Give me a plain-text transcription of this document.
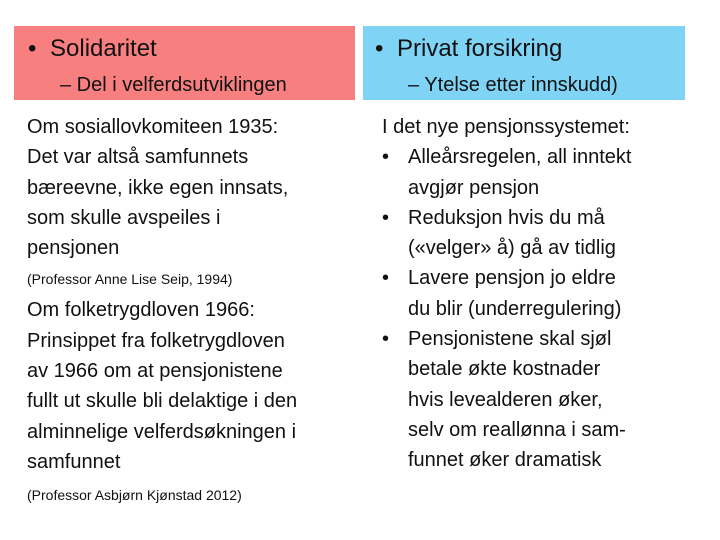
• Solidaritet
– Del i velferdsutviklingen
• Privat forsikring
– Ytelse etter innskudd)

Om sosiallovkomiteen 1935:

Det var altså samfunnets

bæreevne, ikke egen innsats,

som skulle avspeiles i

pensjonen

(Professor Anne Lise Seip, 1994)

Om folketrygdloven 1966:

Prinsippet fra folketrygdloven

av 1966 om at pensjonistene

fullt ut skulle bli delaktige i den

alminnelige velferdsøkningen i

samfunnet

(Professor Asbjørn Kjønstad 2012)

I det nye pensjonssystemet:

• Alleårsregelen, all inntekt
avgjør pensjon
• Reduksjon hvis du må
(«velger» å) gå av tidlig
• Lavere pensjon jo eldre
du blir (underregulering)
• Pensjonistene skal sjøl
betale økte kostnader
hvis levealderen øker,
selv om reallønna i sam-
funnet øker dramatisk
